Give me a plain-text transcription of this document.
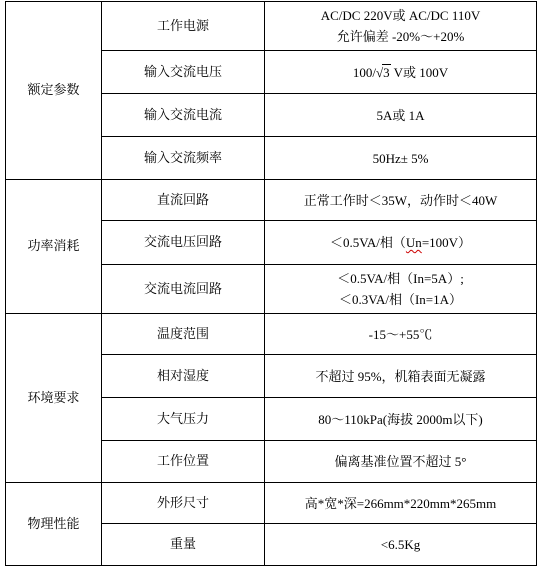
额定参数	工作电源	AC/DC 220V或 AC/DC 110V
允许偏差 -20%～+20%

	输入交流电压	100/√3 V或 100V
	输入交流电流	5A或 1A
	输入交流频率	50Hz± 5%
功率消耗	直流回路	正常工作时＜35W，动作时＜40W
	交流电压回路	＜0.5VA/相（Un=100V）
	交流电流回路	＜0.5VA/相（In=5A）;
＜0.3VA/相（In=1A）

环境要求	温度范围	-15～+55℃
	相对湿度	不超过 95%，机箱表面无凝露
	大气压力	80～110kPa(海拔 2000m以下)
	工作位置	偏离基准位置不超过 5°
物理性能	外形尺寸	高*宽*深=266mm*220mm*265mm
	重量	<6.5Kg
